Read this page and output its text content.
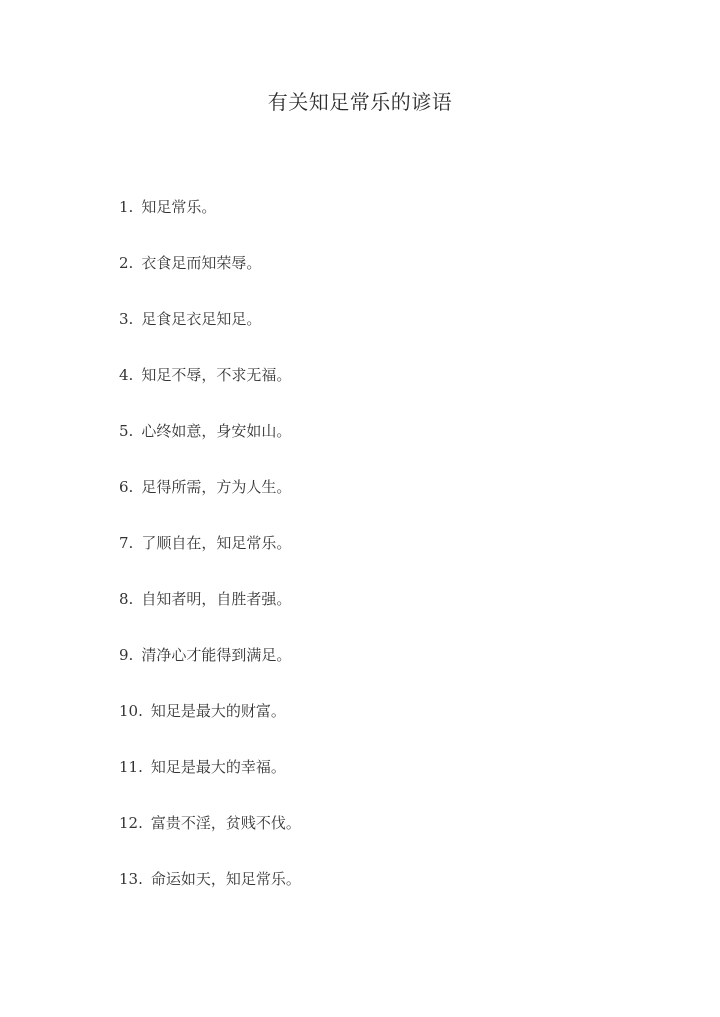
有关知足常乐的谚语
1. 知足常乐。
2. 衣食足而知荣辱。
3. 足食足衣足知足。
4. 知足不辱，不求无福。
5. 心终如意，身安如山。
6. 足得所需，方为人生。
7. 了顺自在，知足常乐。
8. 自知者明，自胜者强。
9. 清净心才能得到满足。
10. 知足是最大的财富。
11. 知足是最大的幸福。
12. 富贵不淫，贫贱不伐。
13. 命运如天，知足常乐。
